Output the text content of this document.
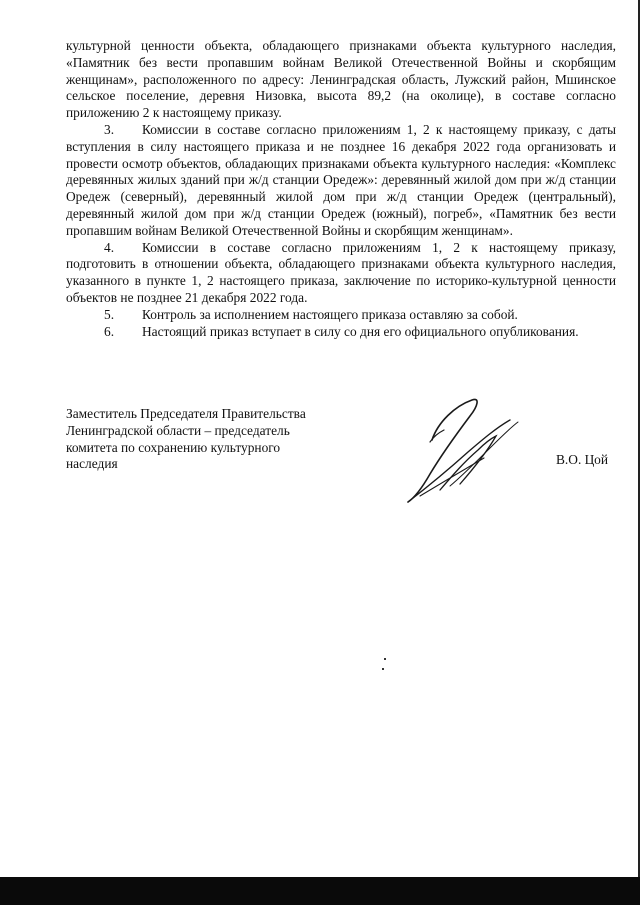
культурной ценности объекта, обладающего признаками объекта культурного наследия, «Памятник без вести пропавшим войнам Великой Отечественной Войны и скорбящим женщинам», расположенного по адресу: Ленинградская область, Лужский район, Мшинское сельское поселение, деревня Низовка, высота 89,2 (на околице), в составе согласно приложению 2 к настоящему приказу.

3. Комиссии в составе согласно приложениям 1, 2 к настоящему приказу, с даты вступления в силу настоящего приказа и не позднее 16 декабря 2022 года организовать и провести осмотр объектов, обладающих признаками объекта культурного наследия: «Комплекс деревянных жилых зданий при ж/д станции Оредеж»: деревянный жилой дом при ж/д станции Оредеж (северный), деревянный жилой дом при ж/д станции Оредеж (центральный), деревянный жилой дом при ж/д станции Оредеж (южный), погреб», «Памятник без вести пропавшим войнам Великой Отечественной Войны и скорбящим женщинам».

4. Комиссии в составе согласно приложениям 1, 2 к настоящему приказу, подготовить в отношении объекта, обладающего признаками объекта культурного наследия, указанного в пункте 1, 2 настоящего приказа, заключение по историко-культурной ценности объектов не позднее 21 декабря 2022 года.

5. Контроль за исполнением настоящего приказа оставляю за собой.

6. Настоящий приказ вступает в силу со дня его официального опубликования.

Заместитель Председателя Правительства
Ленинградской области – председатель
комитета по сохранению культурного
наследия	В.О. Цой
